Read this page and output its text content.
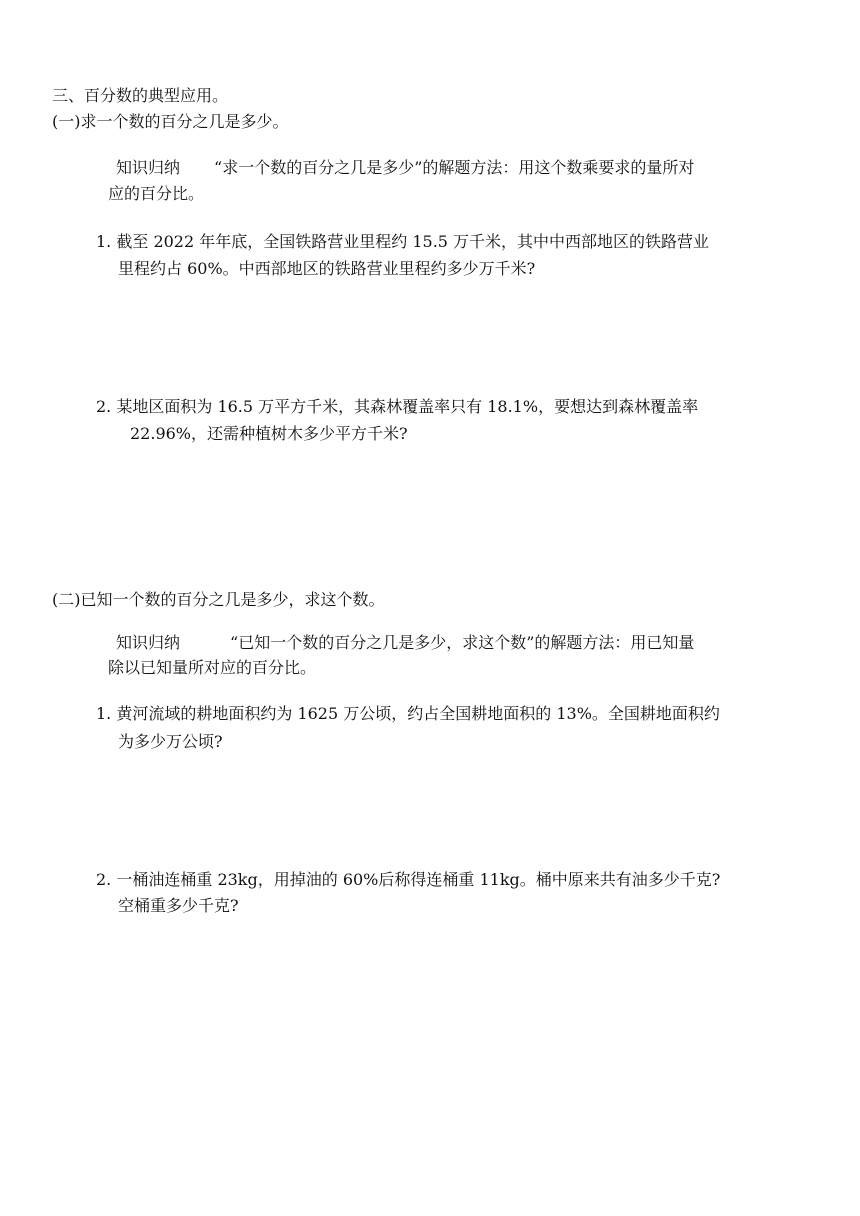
三、百分数的典型应用。
(一)求一个数的百分之几是多少。
知识归纳 “求一个数的百分之几是多少”的解题方法：用这个数乘要求的量所对
应的百分比。
1. 截至 2022 年年底，全国铁路营业里程约 15.5 万千米，其中中西部地区的铁路营业
里程约占 60%。中西部地区的铁路营业里程约多少万千米?
2. 某地区面积为 16.5 万平方千米，其森林覆盖率只有 18.1%，要想达到森林覆盖率
22.96%，还需种植树木多少平方千米?
(二)已知一个数的百分之几是多少，求这个数。
知识归纳	“已知一个数的百分之几是多少，求这个数”的解题方法：用已知量
除以已知量所对应的百分比。
1. 黄河流域的耕地面积约为 1625 万公顷，约占全国耕地面积的 13%。全国耕地面积约
为多少万公顷?
2. 一桶油连桶重 23kg，用掉油的 60%后称得连桶重 11kg。桶中原来共有油多少千克?
空桶重多少千克?
